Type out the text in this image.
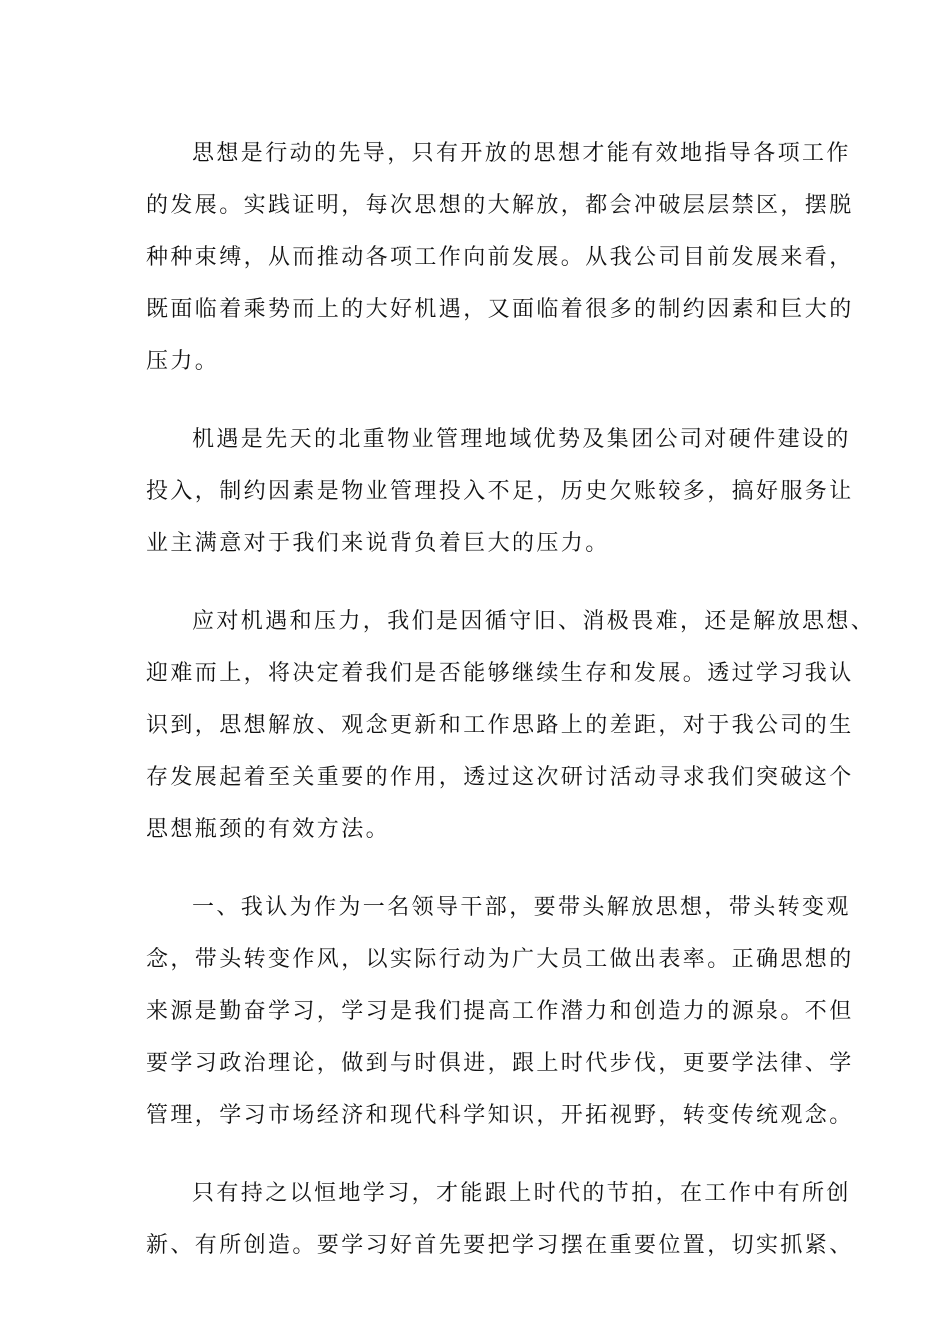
思想是行动的先导，只有开放的思想才能有效地指导各项工作
的发展。实践证明，每次思想的大解放，都会冲破层层禁区，摆脱
种种束缚，从而推动各项工作向前发展。从我公司目前发展来看，
既面临着乘势而上的大好机遇，又面临着很多的制约因素和巨大的
压力。
机遇是先天的北重物业管理地域优势及集团公司对硬件建设的
投入，制约因素是物业管理投入不足，历史欠账较多，搞好服务让
业主满意对于我们来说背负着巨大的压力。
应对机遇和压力，我们是因循守旧、消极畏难，还是解放思想、
迎难而上，将决定着我们是否能够继续生存和发展。透过学习我认
识到，思想解放、观念更新和工作思路上的差距，对于我公司的生
存发展起着至关重要的作用，透过这次研讨活动寻求我们突破这个
思想瓶颈的有效方法。
一、我认为作为一名领导干部，要带头解放思想，带头转变观
念，带头转变作风，以实际行动为广大员工做出表率。正确思想的
来源是勤奋学习，学习是我们提高工作潜力和创造力的源泉。不但
要学习政治理论，做到与时俱进，跟上时代步伐，更要学法律、学
管理，学习市场经济和现代科学知识，开拓视野，转变传统观念。
只有持之以恒地学习，才能跟上时代的节拍，在工作中有所创
新、有所创造。要学习好首先要把学习摆在重要位置，切实抓紧、
